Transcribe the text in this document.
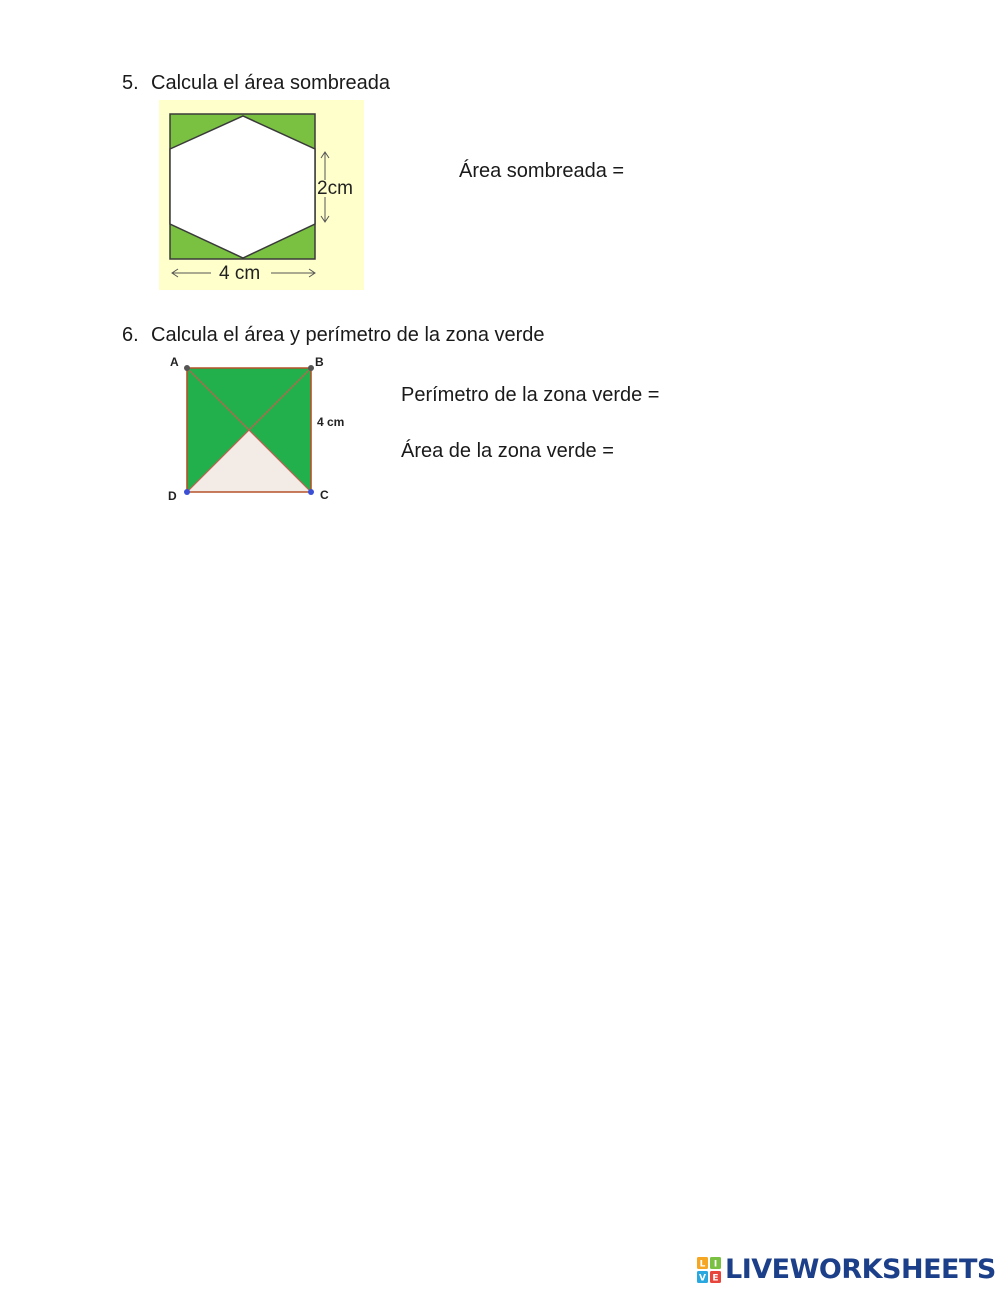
5. Calcula el área sombreada
2cm
4 cm
Área sombreada =
6. Calcula el área y perímetro de la zona verde
A	B
C
D
4 cm
Perímetro de la zona verde =
Área de la zona verde =
L I
V E LIVEWORKSHEETS
